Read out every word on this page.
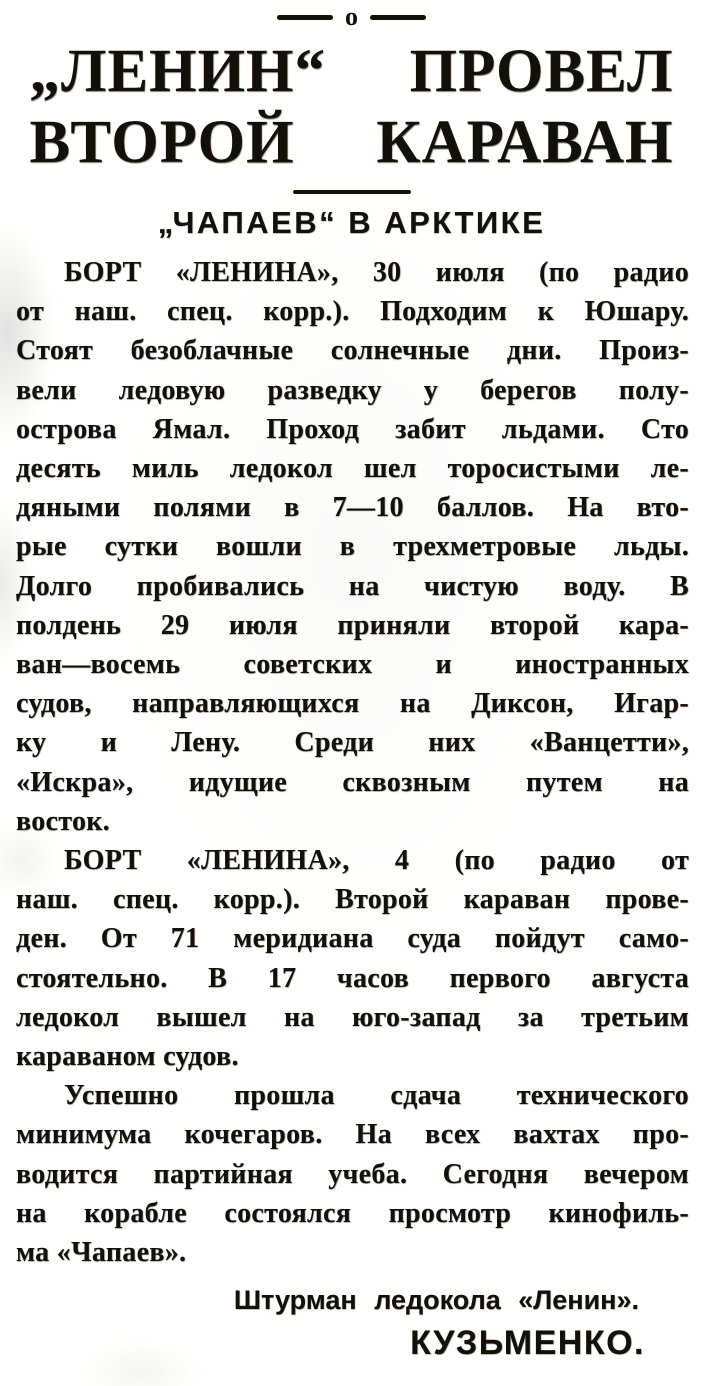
о
„ЛЕНИН“ ПРОВЕЛ
ВТОРОЙ КАРАВАН
„ЧАПАЕВ“ В АРКТИКЕ
БОРТ «ЛЕНИНА», 30 июля (по радио
от наш. спец. корр.). Подходим к Юшару.
Стоят безоблачные солнечные дни. Произ-
вели ледовую разведку у берегов полу-
острова Ямал. Проход забит льдами. Сто
десять миль ледокол шел торосистыми ле-
дяными полями в 7—10 баллов. На вто-
рые сутки вошли в трехметровые льды.
Долго пробивались на чистую воду. В
полдень 29 июля приняли второй кара-
ван—восемь советских и иностранных
судов, направляющихся на Диксон, Игар-
ку и Лену. Среди них «Ванцетти»,
«Искра», идущие сквозным путем на
восток.
БОРТ «ЛЕНИНА», 4 (по радио от
наш. спец. корр.). Второй караван прове-
ден. От 71 меридиана суда пойдут само-
стоятельно. В 17 часов первого августа
ледокол вышел на юго-запад за третьим
караваном судов.
Успешно прошла сдача технического
минимума кочегаров. На всех вахтах про-
водится партийная учеба. Сегодня вечером
на корабле состоялся просмотр кинофиль-
ма «Чапаев».
Штурман ледокола «Ленин».
КУЗЬМЕНКО.
